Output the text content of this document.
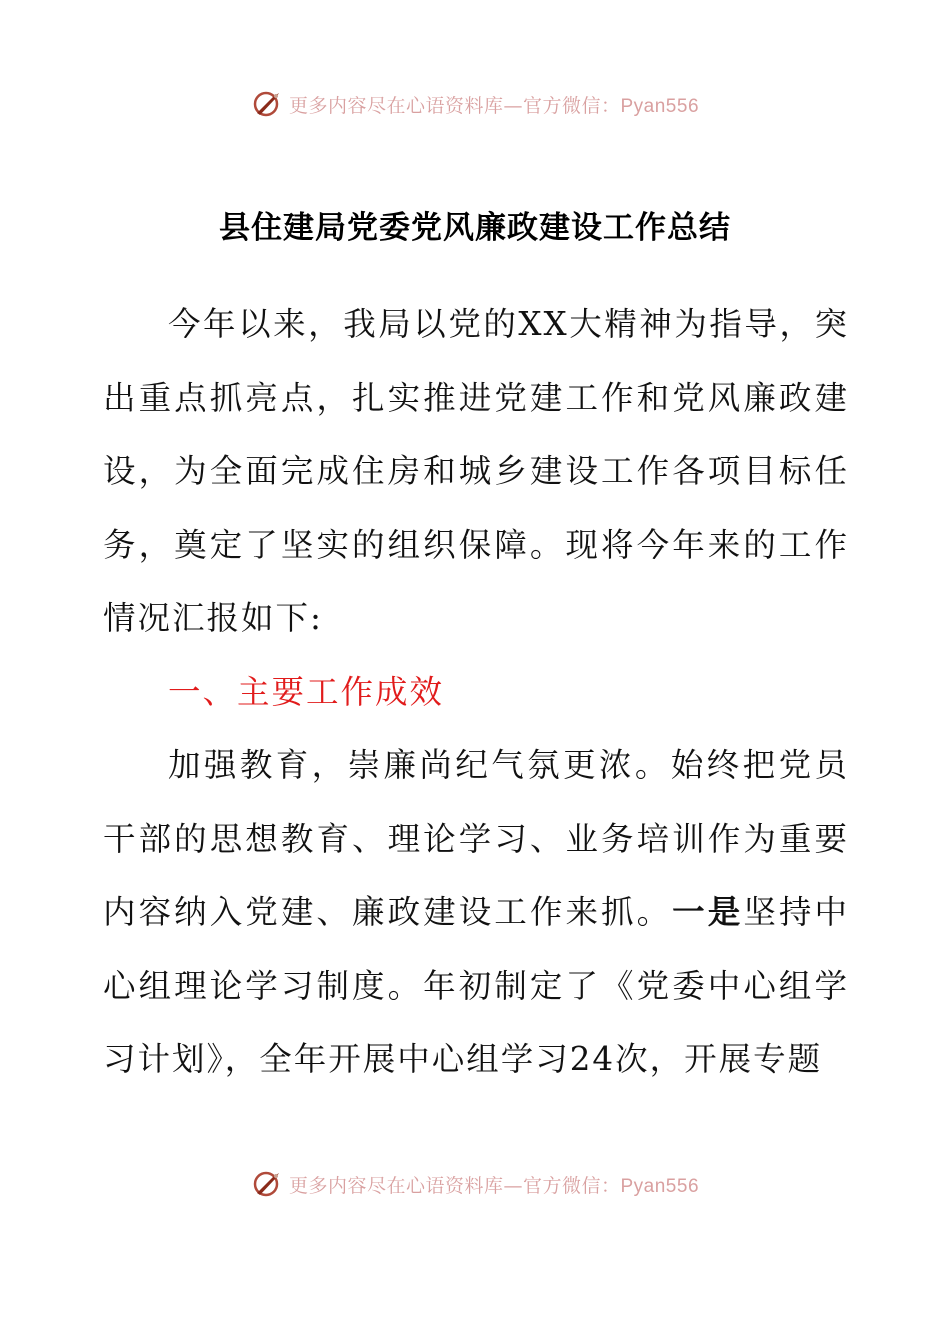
更多内容尽在心语资料库—官方微信：Pyan556
县住建局党委党风廉政建设工作总结

今年以来，我局以党的XX大精神为指导，突出重点抓亮点，扎实推进党建工作和党风廉政建设，为全面完成住房和城乡建设工作各项目标任务，奠定了坚实的组织保障。现将今年来的工作情况汇报如下:

一、主要工作成效

加强教育，崇廉尚纪气氛更浓。始终把党员干部的思想教育、理论学习、业务培训作为重要内容纳入党建、廉政建设工作来抓。一是坚持中心组理论学习制度。年初制定了《党委中心组学习计划》，全年开展中心组学习24次，开展专题

更多内容尽在心语资料库—官方微信：Pyan556
